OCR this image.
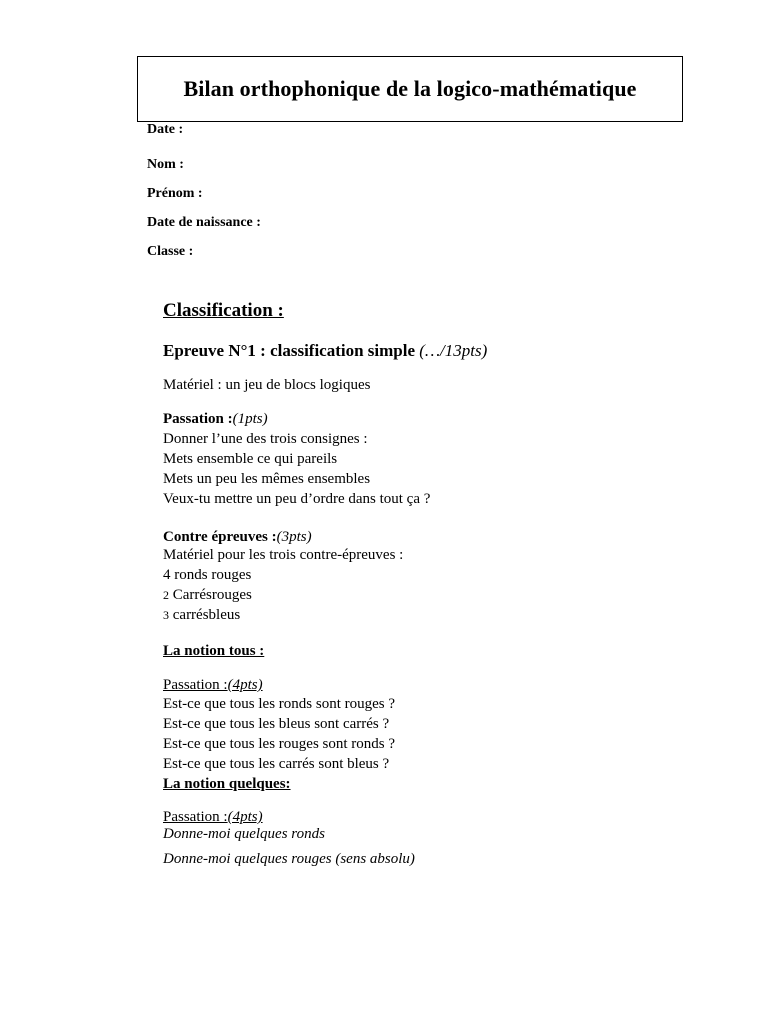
Bilan orthophonique de la logico-mathématique
Date :
Nom :
Prénom :
Date de naissance :
Classe :
Classification :
Epreuve N°1 : classification simple (…/13pts)
Matériel : un jeu de blocs logiques
Passation :(1pts)
Donner l’une des trois consignes :
Mets ensemble ce qui pareils
Mets un peu les mêmes ensembles
Veux-tu mettre un peu d’ordre dans tout ça ?
Contre épreuves :(3pts)
Matériel pour les trois contre-épreuves :
4 ronds rouges
2 Carrésrouges
3 carrésbleus
La notion tous :
Passation :(4pts)
Est-ce que tous les ronds sont rouges ?
Est-ce que tous les bleus sont carrés ?
Est-ce que tous les rouges sont ronds ?
Est-ce que tous les carrés sont bleus ?
La notion quelques:
Passation :(4pts)
Donne-moi quelques ronds
Donne-moi quelques rouges (sens absolu)
